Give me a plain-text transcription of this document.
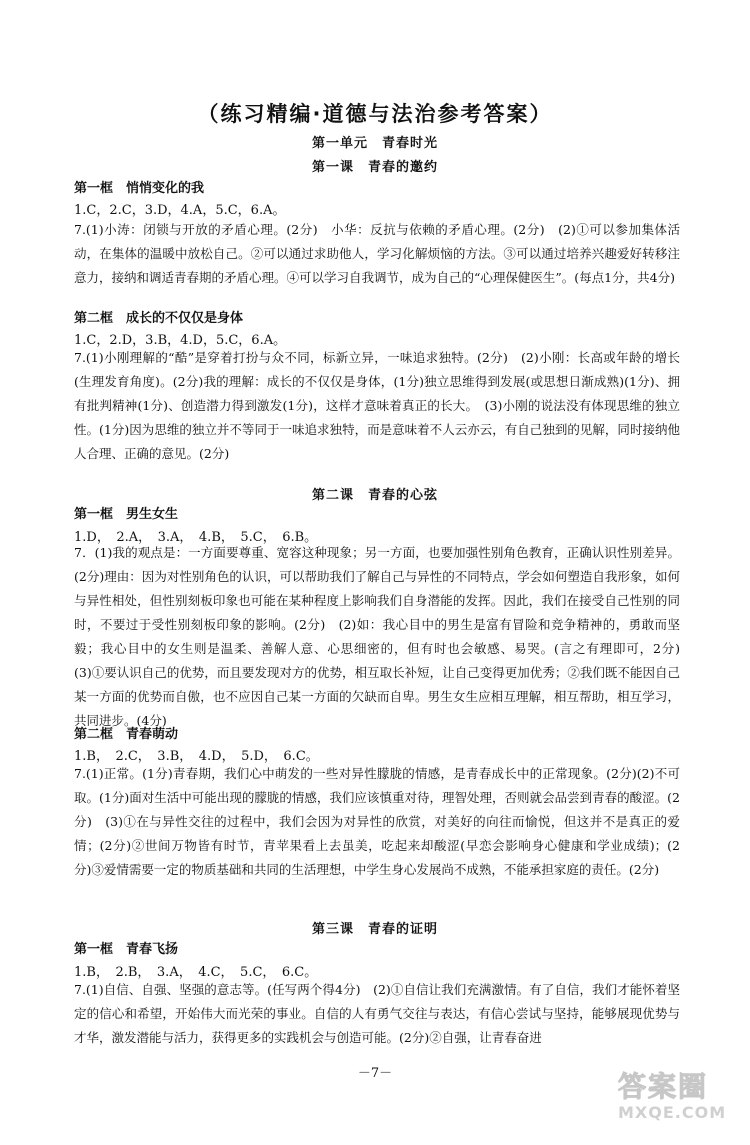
（练习精编·道德与法治参考答案）
第一单元　青春时光
第一课　青春的邀约
第一框　悄悄变化的我
1.C，2.C，3.D，4.A，5.C，6.A。
7.(1)小涛：闭锁与开放的矛盾心理。(2分)　小华：反抗与依赖的矛盾心理。(2分)　(2)①可以参加集体活动，在集体的温暖中放松自己。②可以通过求助他人，学习化解烦恼的方法。③可以通过培养兴趣爱好转移注意力，接纳和调适青春期的矛盾心理。④可以学习自我调节，成为自己的“心理保健医生”。(每点1分，共4分)
第二框　成长的不仅仅是身体
1.C，2.D，3.B，4.D，5.C，6.A。
7.(1)小刚理解的“酷”是穿着打扮与众不同，标新立异，一味追求独特。(2分)　(2)小刚：长高或年龄的增长(生理发育角度)。(2分)我的理解：成长的不仅仅是身体，(1分)独立思维得到发展(或思想日渐成熟)(1分)、拥有批判精神(1分)、创造潜力得到激发(1分)，这样才意味着真正的长大。　(3)小刚的说法没有体现思维的独立性。(1分)因为思维的独立并不等同于一味追求独特，而是意味着不人云亦云，有自己独到的见解，同时接纳他人合理、正确的意见。(2分)
第二课　青春的心弦
第一框　男生女生
1.D，　2.A，　3.A，　4.B，　5.C，　6.B。
7．(1)我的观点是：一方面要尊重、宽容这种现象；另一方面，也要加强性别角色教育，正确认识性别差异。(2分)理由：因为对性别角色的认识，可以帮助我们了解自己与异性的不同特点，学会如何塑造自我形象，如何与异性相处，但性别刻板印象也可能在某种程度上影响我们自身潜能的发挥。因此，我们在接受自己性别的同时，不要过于受性别刻板印象的影响。(2分)　(2)如：我心目中的男生是富有冒险和竞争精神的，勇敢而坚毅；我心目中的女生则是温柔、善解人意、心思细密的，但有时也会敏感、易哭。(言之有理即可，2分)　(3)①要认识自己的优势，而且要发现对方的优势，相互取长补短，让自己变得更加优秀；②我们既不能因自己某一方面的优势而自傲，也不应因自己某一方面的欠缺而自卑。男生女生应相互理解，相互帮助，相互学习，共同进步。(4分)
第二框　青春萌动
1.B，　2.C，　3.B，　4.D，　5.D，　6.C。
7.(1)正常。(1分)青春期，我们心中萌发的一些对异性朦胧的情感，是青春成长中的正常现象。(2分)(2)不可取。(1分)面对生活中可能出现的朦胧的情感，我们应该慎重对待，理智处理，否则就会品尝到青春的酸涩。(2分)　(3)①在与异性交往的过程中，我们会因为对异性的欣赏，对美好的向往而愉悦，但这并不是真正的爱情；(2分)②世间万物皆有时节，青苹果看上去虽美，吃起来却酸涩(早恋会影响身心健康和学业成绩)；(2分)③爱情需要一定的物质基础和共同的生活理想，中学生身心发展尚不成熟，不能承担家庭的责任。(2分)
第三课　青春的证明
第一框　青春飞扬
1.B，　2.B，　3.A，　4.C，　5.C，　6.C。
7.(1)自信、自强、坚强的意志等。(任写两个得4分)　(2)①自信让我们充满激情。有了自信，我们才能怀着坚定的信心和希望，开始伟大而光荣的事业。自信的人有勇气交往与表达，有信心尝试与坚持，能够展现优势与才华，激发潜能与活力，获得更多的实践机会与创造可能。(2分)②自强，让青春奋进
－7－	答案圈
MXQE.COM
